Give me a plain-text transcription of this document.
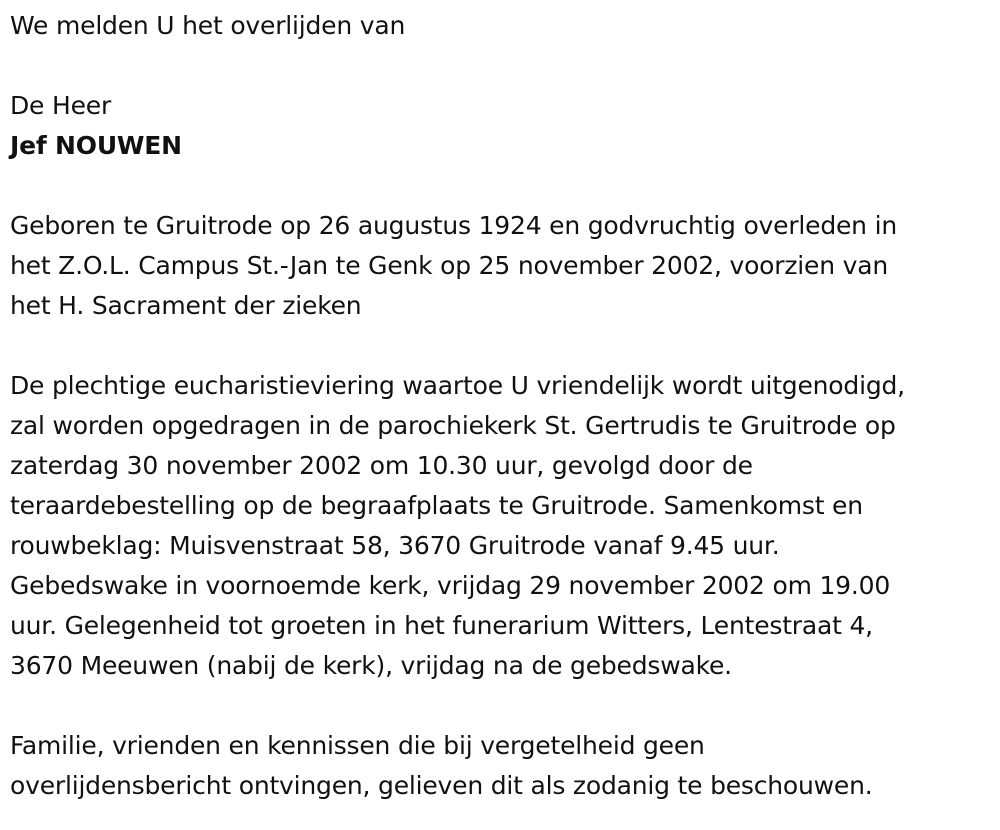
We melden U het overlijden van
De Heer
Jef NOUWEN
Geboren te Gruitrode op 26 augustus 1924 en godvruchtig overleden in
het Z.O.L. Campus St.-Jan te Genk op 25 november 2002, voorzien van
het H. Sacrament der zieken
De plechtige eucharistieviering waartoe U vriendelijk wordt uitgenodigd,
zal worden opgedragen in de parochiekerk St. Gertrudis te Gruitrode op
zaterdag 30 november 2002 om 10.30 uur, gevolgd door de
teraardebestelling op de begraafplaats te Gruitrode. Samenkomst en
rouwbeklag: Muisvenstraat 58, 3670 Gruitrode vanaf 9.45 uur.
Gebedswake in voornoemde kerk, vrijdag 29 november 2002 om 19.00
uur. Gelegenheid tot groeten in het funerarium Witters, Lentestraat 4,
3670 Meeuwen (nabij de kerk), vrijdag na de gebedswake.
Familie, vrienden en kennissen die bij vergetelheid geen
overlijdensbericht ontvingen, gelieven dit als zodanig te beschouwen.
